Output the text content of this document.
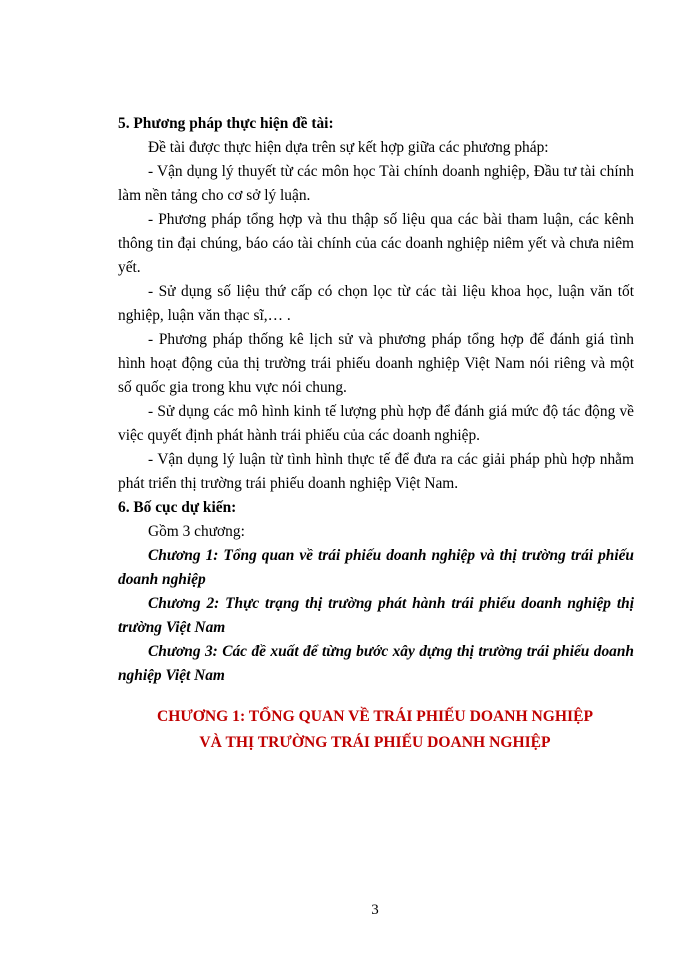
5. Phương pháp thực hiện đề tài:

Đề tài được thực hiện dựa trên sự kết hợp giữa các phương pháp:

- Vận dụng lý thuyết từ các môn học Tài chính doanh nghiệp, Đầu tư tài chính làm nền tảng cho cơ sở lý luận.

- Phương pháp tổng hợp và thu thập số liệu qua các bài tham luận, các kênh thông tin đại chúng, báo cáo tài chính của các doanh nghiệp niêm yết và chưa niêm yết.

- Sử dụng số liệu thứ cấp có chọn lọc từ các tài liệu khoa học, luận văn tốt nghiệp, luận văn thạc sĩ,… .

- Phương pháp thống kê lịch sử và phương pháp tổng hợp để đánh giá tình hình hoạt động của thị trường trái phiếu doanh nghiệp Việt Nam nói riêng và một số quốc gia trong khu vực nói chung.

- Sử dụng các mô hình kinh tế lượng phù hợp để đánh giá mức độ tác động về việc quyết định phát hành trái phiếu của các doanh nghiệp.

- Vận dụng lý luận từ tình hình thực tế để đưa ra các giải pháp phù hợp nhằm phát triển thị trường trái phiếu doanh nghiệp Việt Nam.

6. Bố cục dự kiến:

Gồm 3 chương:

Chương 1: Tổng quan về trái phiếu doanh nghiệp và thị trường trái phiếu doanh nghiệp

Chương 2: Thực trạng thị trường phát hành trái phiếu doanh nghiệp thị trường Việt Nam

Chương 3: Các đề xuất để từng bước xây dựng thị trường trái phiếu doanh nghiệp Việt Nam

CHƯƠNG 1: TỔNG QUAN VỀ TRÁI PHIẾU DOANH NGHIỆP
VÀ THỊ TRƯỜNG TRÁI PHIẾU DOANH NGHIỆP
3
